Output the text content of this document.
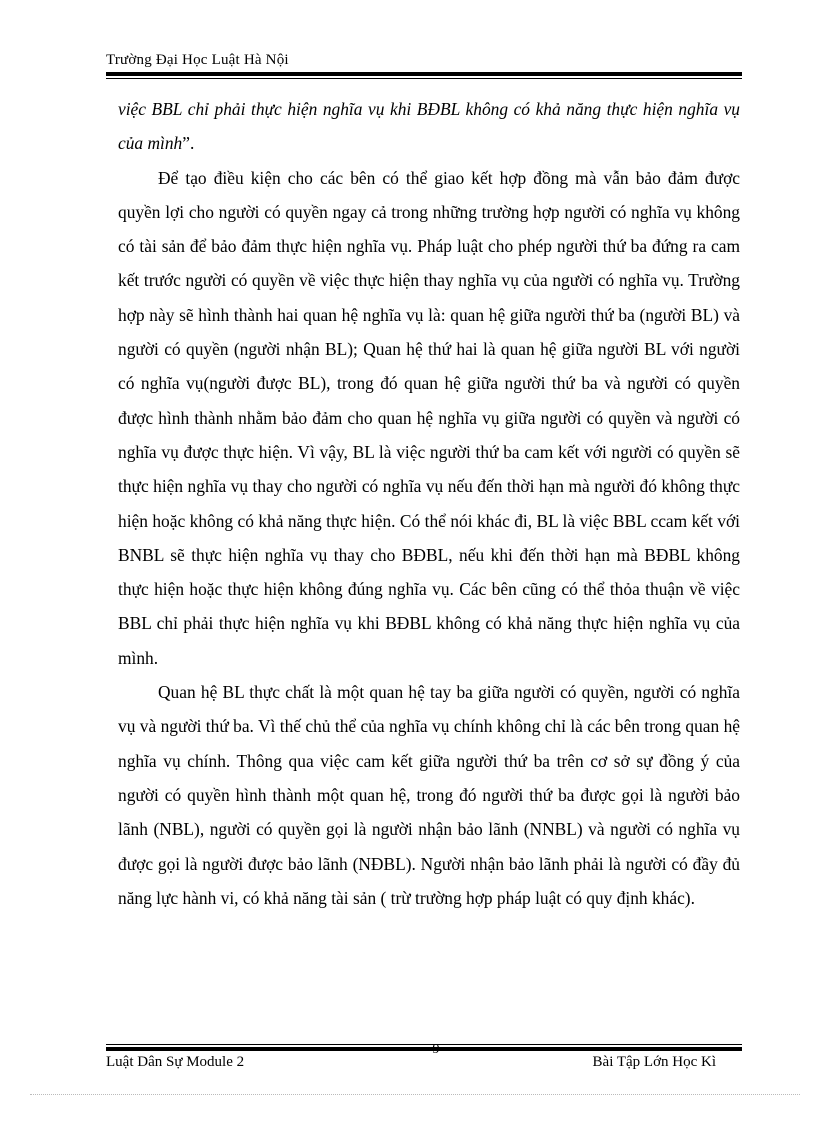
Trường Đại Học Luật Hà Nội

việc BBL chỉ phải thực hiện nghĩa vụ khi BĐBL không có khả năng thực hiện nghĩa vụ của mình”.

Để tạo điều kiện cho các bên có thể giao kết hợp đồng mà vẫn bảo đảm được quyền lợi cho người có quyền ngay cả trong những trường hợp người có nghĩa vụ không có tài sản để bảo đảm thực hiện nghĩa vụ. Pháp luật cho phép người thứ ba đứng ra cam kết trước người có quyền về việc thực hiện thay nghĩa vụ của người có nghĩa vụ. Trường hợp này sẽ hình thành hai quan hệ nghĩa vụ là: quan hệ giữa người thứ ba (người BL) và người có quyền (người nhận BL); Quan hệ thứ hai là quan hệ giữa người BL với người có nghĩa vụ(người được BL), trong đó quan hệ giữa người thứ ba và người có quyền được hình thành nhằm bảo đảm cho quan hệ nghĩa vụ giữa người có quyền và người có nghĩa vụ được thực hiện. Vì vậy, BL là việc người thứ ba cam kết với người có quyền sẽ thực hiện nghĩa vụ thay cho người có nghĩa vụ nếu đến thời hạn mà người đó không thực hiện hoặc không có khả năng thực hiện. Có thể nói khác đi, BL là việc BBL ccam kết với BNBL sẽ thực hiện nghĩa vụ thay cho BĐBL, nếu khi đến thời hạn mà BĐBL không thực hiện hoặc thực hiện không đúng nghĩa vụ. Các bên cũng có thể thỏa thuận về việc BBL chỉ phải thực hiện nghĩa vụ khi BĐBL không có khả năng thực hiện nghĩa vụ của mình.

Quan hệ BL thực chất là một quan hệ tay ba giữa người có quyền, người có nghĩa vụ và người thứ ba. Vì thế chủ thể của nghĩa vụ chính không chỉ là các bên trong quan hệ nghĩa vụ chính. Thông qua việc cam kết giữa người thứ ba trên cơ sở sự đồng ý của người có quyền hình thành một quan hệ, trong đó người thứ ba được gọi là người bảo lãnh (NBL), người có quyền gọi là người nhận bảo lãnh (NNBL) và người có nghĩa vụ được gọi là người được bảo lãnh (NĐBL). Người nhận bảo lãnh phải là người có đầy đủ năng lực hành vi, có khả năng tài sản ( trừ trường hợp pháp luật có quy định khác).

9
Luật Dân Sự Module 2	Bài Tập Lớn Học Kì
